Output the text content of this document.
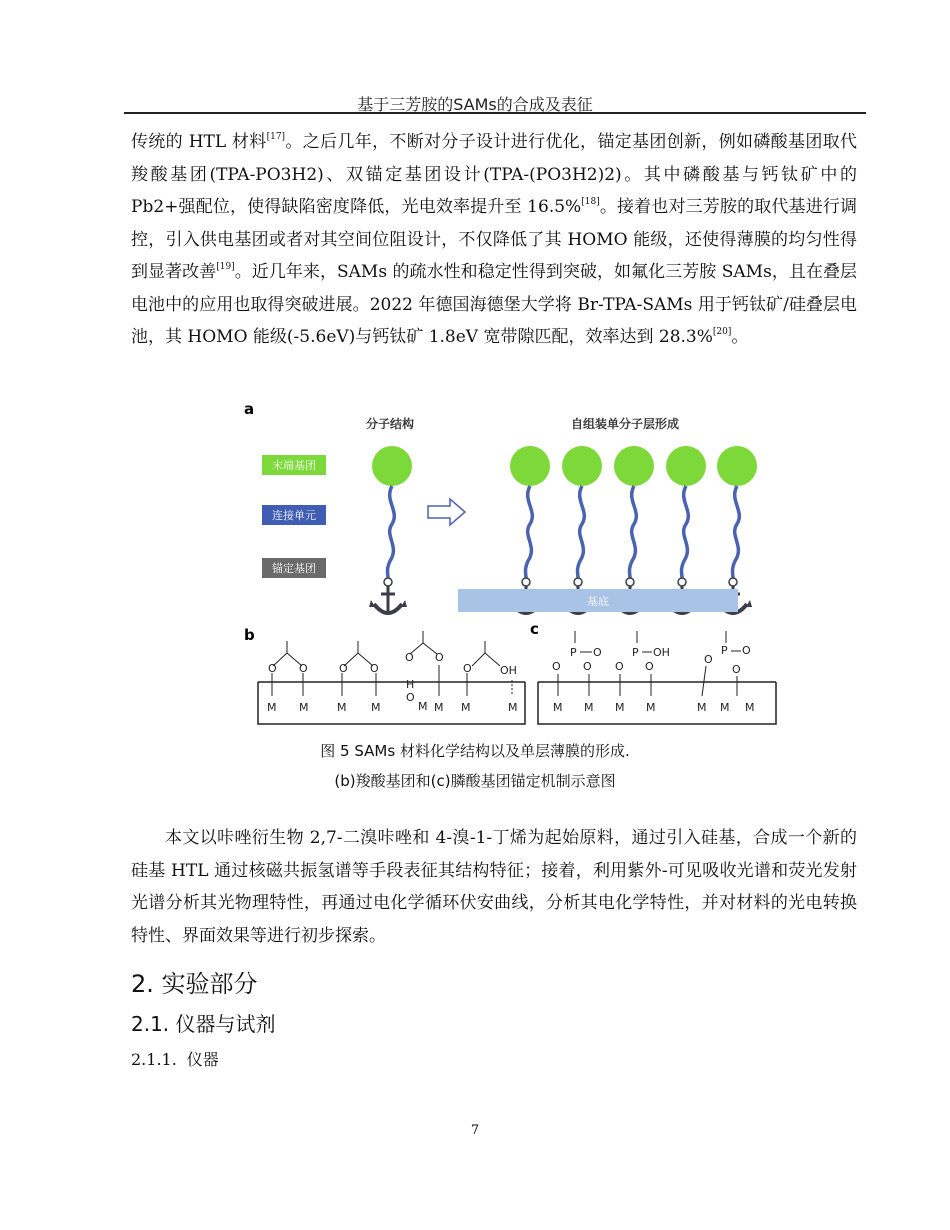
基于三芳胺的SAMs的合成及表征

传统的 HTL 材料[17]。之后几年，不断对分子设计进行优化，锚定基团创新，例如磷酸基团取代羧酸基团(TPA-PO3H2)、双锚定基团设计(TPA-(PO3H2)2)。其中磷酸基与钙钛矿中的 Pb2+强配位，使得缺陷密度降低，光电效率提升至 16.5%[18]。接着也对三芳胺的取代基进行调控，引入供电基团或者对其空间位阻设计，不仅降低了其 HOMO 能级，还使得薄膜的均匀性得到显著改善[19]。近几年来，SAMs 的疏水性和稳定性得到突破，如氟化三芳胺 SAMs，且在叠层电池中的应用也取得突破进展。2022 年德国海德堡大学将 Br-TPA-SAMs 用于钙钛矿/硅叠层电池，其 HOMO 能级(-5.6eV)与钙钛矿 1.8eV 宽带隙匹配，效率达到 28.3%[20]。

a
分子结构	自组装单分子层形成
末端基团
连接单元
锚定基团
基底
b
O O
M M
O O
M M
O O
H
O
M M
O	OH
M	M
c
P O
O O
M M
P OH
O O
M M
P O
O
O
M M M
图 5 SAMs 材料化学结构以及单层薄膜的形成.
(b)羧酸基团和(c)膦酸基团锚定机制示意图

本文以咔唑衍生物 2,7-二溴咔唑和 4-溴-1-丁烯为起始原料，通过引入硅基，合成一个新的硅基 HTL 通过核磁共振氢谱等手段表征其结构特征；接着，利用紫外-可见吸收光谱和荧光发射光谱分析其光物理特性，再通过电化学循环伏安曲线，分析其电化学特性，并对材料的光电转换特性、界面效果等进行初步探索。

2. 实验部分
2.1. 仪器与试剂
2.1.1. 仪器
7
